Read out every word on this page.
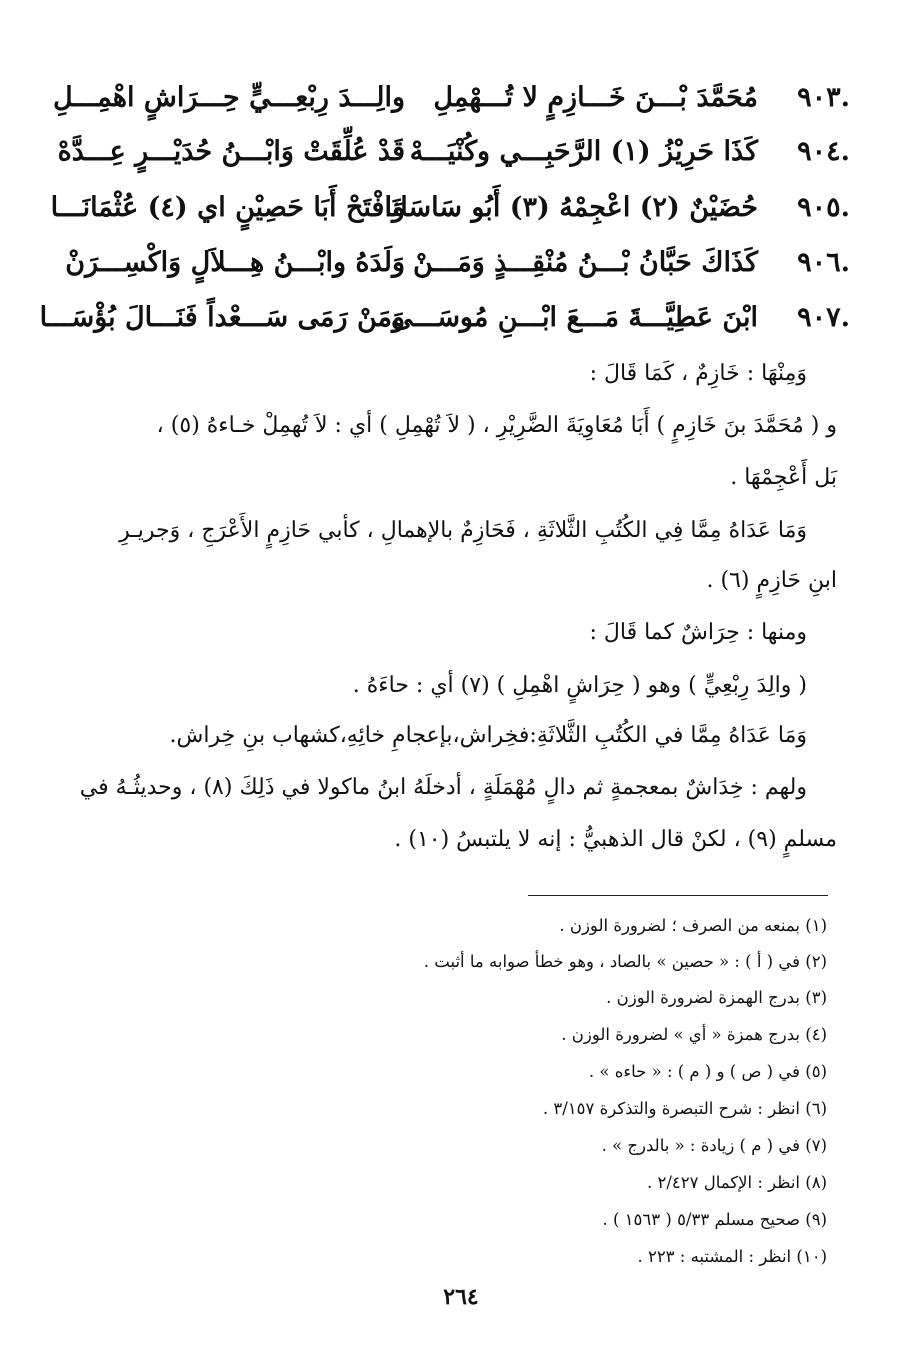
٩٠٣.
مُحَمَّدَ بْـــنَ خَـــازِمٍ لا تُـــهْمِلِ
والِـــدَ رِبْعِـــيٍّ حِـــرَاشٍ اهْمِـــلِ
٩٠٤.
كَذَا حَرِيْزُ (١) الرَّحَبِـــي وكُنْيَـــهْ
قَدْ عُلِّقَتْ وَابْـــنُ حُدَيْـــرٍ عِـــدَّهْ
٩٠٥.
حُضَيْنٌ (٢) اعْجِمْهُ (٣) أَبُو سَاسَانَا
وَافْتَحْ أَبَا حَصِيْنٍ اي (٤) عُثْمَانَـــا
٩٠٦.
كَذَاكَ حَبَّانُ بْـــنُ مُنْقِـــذٍ وَمَـــنْ
وَلَدَهُ وابْـــنُ هِـــلاَلٍ وَاكْسِـــرَنْ
٩٠٧.
ابْنَ عَطِيَّـــةَ مَـــعَ ابْـــنِ مُوسَـــى
وَمَنْ رَمَى سَـــعْداً فَنَـــالَ بُؤْسَـــا
وَمِنْهَا : خَازِمٌ ، كَمَا قَالَ :
و ( مُحَمَّدَ بنَ خَازِمٍ ) أَبَا مُعَاوِيَةَ الضَّرِيْرِ ، ( لاَ تُهْمِلِ ) أي : لاَ تُهمِلْ خـاءهُ (٥) ،
بَل أَعْجِمْهَا .
وَمَا عَدَاهُ مِمَّا فِي الكُتُبِ الثَّلاثَةِ ، فَحَازِمٌ بالإهمالِ ، كأبي حَازِمٍ الأَعْرَجِ ، وَجريـرِ
ابنِ حَازِمٍ (٦) .
ومنها : حِرَاشٌ كما قَالَ :
( والِدَ رِبْعِيٍّ ) وهو ( حِرَاشٍ اهْمِلِ ) (٧) أي : حاءَهُ .
وَمَا عَدَاهُ مِمَّا في الكُتُبِ الثَّلاثَةِ:فخِراش،بإعجامِ خائِهِ،كشهاب بنِ خِراش.
ولهم : خِدَاشٌ بمعجمةٍ ثم دالٍ مُهْمَلَةٍ ، أدخلَهُ ابنُ ماكولا في ذَلِكَ (٨) ، وحديثُـهُ في
مسلمٍ (٩) ، لكنْ قال الذهبيُّ : إنه لا يلتبسُ (١٠) .
(١) بمنعه من الصرف ؛ لضرورة الوزن .
(٢) في ( أ ) : « حصين » بالصاد ، وهو خطأ صوابه ما أثبت .
(٣) بدرج الهمزة لضرورة الوزن .
(٤) بدرج همزة « أي » لضرورة الوزن .
(٥) في ( ص ) و ( م ) : « حاءه » .
(٦) انظر : شرح التبصرة والتذكرة ٣/١٥٧ .
(٧) في ( م ) زيادة : « بالدرج » .
(٨) انظر : الإكمال ٢/٤٢٧ .
(٩) صحيح مسلم ٥/٣٣ ( ١٥٦٣ ) .
(١٠) انظر : المشتبه : ٢٢٣ .
٢٦٤
